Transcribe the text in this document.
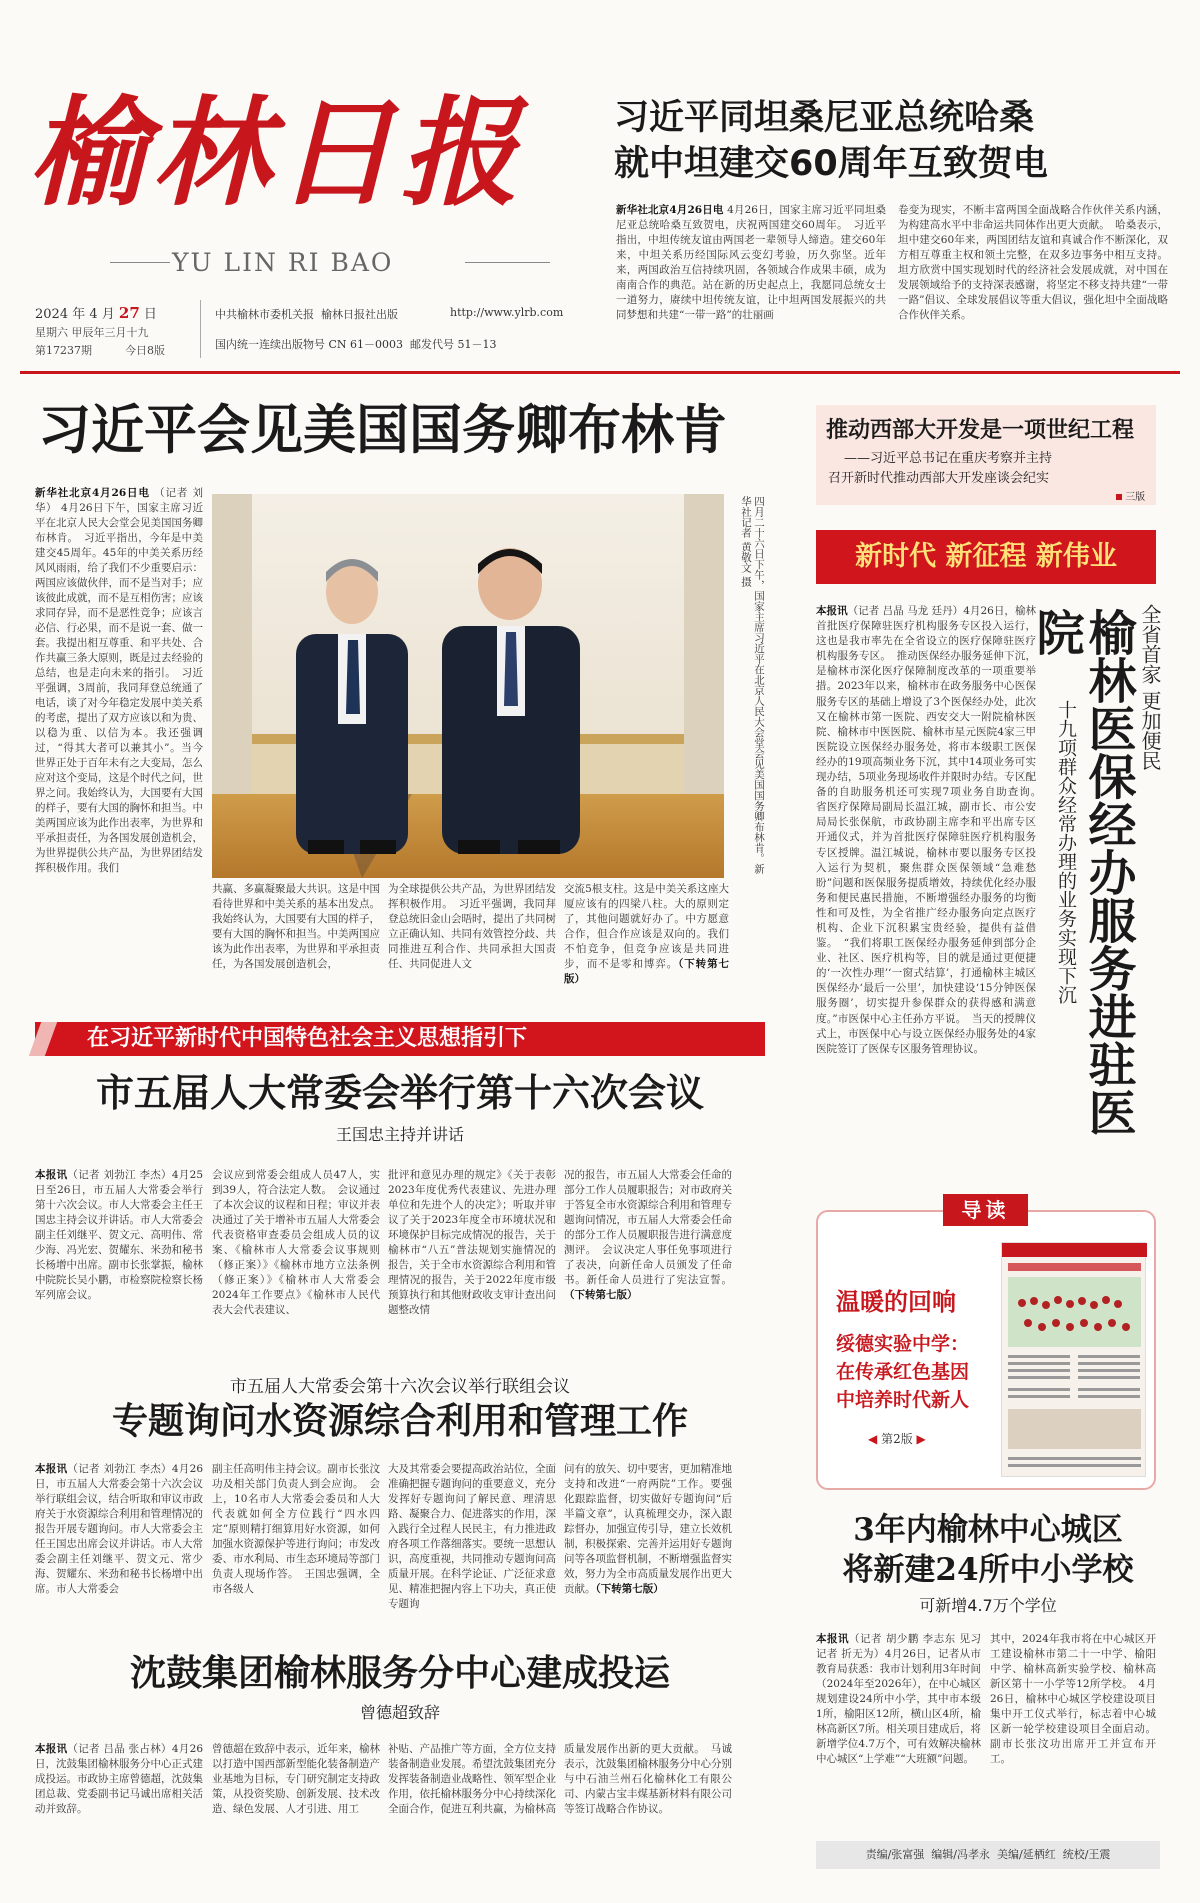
榆林日报
YU LIN RI BAO
2024 年 4 月 27 日
星期六 甲辰年三月十九
第17237期	今日8版
中共榆林市委机关报  榆林日报社出版	http://www.ylrb.com
国内统一连续出版物号 CN 61－0003  邮发代号 51－13
习近平同坦桑尼亚总统哈桑
就中坦建交60周年互致贺电
新华社北京4月26日电 4月26日，国家主席习近平同坦桑尼亚总统哈桑互致贺电，庆祝两国建交60周年。　习近平指出，中坦传统友谊由两国老一辈领导人缔造。建交60年来，中坦关系历经国际风云变幻考验，历久弥坚。近年来，两国政治互信持续巩固，各领域合作成果丰硕，成为南南合作的典范。站在新的历史起点上，我愿同总统女士一道努力，赓续中坦传统友谊，让中坦两国发展振兴的共同梦想和共建“一带一路”的壮丽画
卷变为现实，不断丰富两国全面战略合作伙伴关系内涵，为构建高水平中非命运共同体作出更大贡献。　哈桑表示，坦中建交60年来，两国团结友谊和真诚合作不断深化，双方相互尊重主权和领土完整，在双多边事务中相互支持。坦方欣赏中国实现划时代的经济社会发展成就，对中国在发展领域给予的支持深表感谢，将坚定不移支持共建“一带一路”倡议、全球发展倡议等重大倡议，强化坦中全面战略合作伙伴关系。
习近平会见美国国务卿布林肯
新华社北京4月26日电 （记者 刘华） 4月26日下午，国家主席习近平在北京人民大会堂会见美国国务卿布林肯。　习近平指出，今年是中美建交45周年。45年的中美关系历经风风雨雨，给了我们不少重要启示：两国应该做伙伴，而不是当对手；应该彼此成就，而不是互相伤害；应该求同存异，而不是恶性竞争；应该言必信、行必果，而不是说一套、做一套。我提出相互尊重、和平共处、合作共赢三条大原则，既是过去经验的总结，也是走向未来的指引。　习近平强调，3周前，我同拜登总统通了电话，谈了对今年稳定发展中美关系的考虑，提出了双方应该以和为贵、以稳为重、以信为本。我还强调过，“得其大者可以兼其小”。当今世界正处于百年未有之大变局，怎么应对这个变局，这是个时代之问，世界之问。我始终认为，大国要有大国的样子，要有大国的胸怀和担当。中美两国应该为此作出表率，为世界和平承担责任，为各国发展创造机会，为世界提供公共产品，为世界团结发挥积极作用。我们	四月二十六日下午，国家主席习近平在北京人民大会堂会见美国国务卿布林肯。新华社记者 黄敬文 摄
共赢、多赢凝聚最大共识。这是中国看待世界和中美关系的基本出发点。我始终认为，大国要有大国的样子，要有大国的胸怀和担当。中美两国应该为此作出表率，为世界和平承担责任，为各国发展创造机会，
为全球提供公共产品，为世界团结发挥积极作用。　习近平强调，我同拜登总统旧金山会晤时，提出了共同树立正确认知、共同有效管控分歧、共同推进互利合作、共同承担大国责任、共同促进人文
交流5根支柱。这是中美关系这座大厦应该有的四梁八柱。大的原则定了，其他问题就好办了。中方愿意合作，但合作应该是双向的。我们不怕竞争，但竞争应该是共同进步，而不是零和博弈。（下转第七版）
在习近平新时代中国特色社会主义思想指引下
市五届人大常委会举行第十六次会议
王国忠主持并讲话
本报讯（记者 刘勃江 李杰）4月25日至26日，市五届人大常委会举行第十六次会议。市人大常委会主任王国忠主持会议并讲话。市人大常委会副主任刘继平、贺文元、高明伟、常少海、冯光宏、贺耀东、米劲和秘书长杨增中出席。副市长张掌振，榆林中院院长吴小鹏，市检察院检察长杨军列席会议。
会议应到常委会组成人员47人，实到39人，符合法定人数。　会议通过了本次会议的议程和日程；审议并表决通过了关于增补市五届人大常委会代表资格审查委员会组成人员的议案、《榆林市人大常委会议事规则（修正案）》《榆林市地方立法条例（修正案）》《榆林市人大常委会2024年工作要点》《榆林市人民代表大会代表建议、
批评和意见办理的规定》《关于表彰2023年度优秀代表建议、先进办理单位和先进个人的决定》；听取并审议了关于2023年度全市环境状况和环境保护目标完成情况的报告，关于榆林市“八五”普法规划实施情况的报告，关于全市水资源综合利用和管理情况的报告，关于2022年度市级预算执行和其他财政收支审计查出问题整改情
况的报告，市五届人大常委会任命的部分工作人员履职报告；对市政府关于答复全市水资源综合利用和管理专题询问情况，市五届人大常委会任命的部分工作人员履职报告进行满意度测评。　会议决定人事任免事项进行了表决，向新任命人员颁发了任命书。新任命人员进行了宪法宣誓。（下转第七版）
市五届人大常委会第十六次会议举行联组会议
专题询问水资源综合利用和管理工作
本报讯（记者 刘勃江 李杰）4月26日，市五届人大常委会第十六次会议举行联组会议，结合听取和审议市政府关于水资源综合利用和管理情况的报告开展专题询问。市人大常委会主任王国忠出席会议并讲话。市人大常委会副主任刘继平、贺文元、常少海、贺耀东、米劲和秘书长杨增中出席。市人大常委会
副主任高明伟主持会议。副市长张汶功及相关部门负责人到会应询。　会上，10名市人大常委会委员和人大代表就如何全方位践行“四水四定”原则精打细算用好水资源，如何加强水资源保护等进行询问；市发改委、市水利局、市生态环境局等部门负责人现场作答。　王国忠强调，全市各级人
大及其常委会要提高政治站位，全面准确把握专题询问的重要意义，充分发挥好专题询问了解民意、理清思路、凝聚合力、促进落实的作用，深入践行全过程人民民主，有力推进政府各项工作落细落实。要统一思想认识，高度重视，共同推动专题询问高质量开展。在科学论证、广泛征求意见、精准把握内容上下功夫，真正使专题询
问有的放矢、切中要害，更加精准地支持和改进“一府两院”工作。要强化跟踪监督，切实做好专题询问“后半篇文章”，认真梳理交办，深入跟踪督办，加强宣传引导，建立长效机制，积极探索、完善并运用好专题询问等各项监督机制，不断增强监督实效，努力为全市高质量发展作出更大贡献。（下转第七版）
沈鼓集团榆林服务分中心建成投运
曾德超致辞
本报讯（记者 吕晶 张占林）4月26日，沈鼓集团榆林服务分中心正式建成投运。市政协主席曾德超，沈鼓集团总裁、党委副书记马诚出席相关活动并致辞。
曾德超在致辞中表示，近年来，榆林以打造中国西部新型能化装备制造产业基地为目标，专门研究制定支持政策，从投资奖励、创新发展、技术改造、绿色发展、人才引进、用工
补贴、产品推广等方面，全方位支持装备制造业发展。希望沈鼓集团充分发挥装备制造业战略性、领军型企业作用，依托榆林服务分中心持续深化全面合作，促进互利共赢，为榆林高
质量发展作出新的更大贡献。　马诚表示，沈鼓集团榆林服务分中心分别与中石油兰州石化榆林化工有限公司、内蒙古宝丰煤基新材料有限公司等签订战略合作协议。
推动西部大开发是一项世纪工程
——习近平总书记在重庆考察并主持
召开新时代推动西部大开发座谈会纪实
三版
新时代 新征程 新伟业
本报讯（记者 吕晶 马龙 廷丹）4月26日，榆林首批医疗保障驻医疗机构服务专区投入运行，这也是我市率先在全省设立的医疗保障驻医疗机构服务专区。　推动医保经办服务延伸下沉，是榆林市深化医疗保障制度改革的一项重要举措。2023年以来，榆林市在政务服务中心医保服务专区的基础上增设了3个医保经办处，此次又在榆林市第一医院、西安交大一附院榆林医院、榆林市中医医院、榆林市星元医院4家三甲医院设立医保经办服务处，将市本级职工医保经办的19项高频业务下沉，其中14项业务可实现办结，5项业务现场收件并限时办结。专区配备的自助服务机还可实现7项业务自助查询。　省医疗保障局副局长温江城，副市长、市公安局局长张保航，市政协副主席李和平出席专区开通仪式，并为首批医疗保障驻医疗机构服务专区授牌。温江城说，榆林市要以服务专区投入运行为契机，聚焦群众医保领域“急难愁盼”问题和医保服务提质增效，持续优化经办服务和便民惠民措施，不断增强经办服务的均衡性和可及性，为全省推广经办服务向定点医疗机构、企业下沉积累宝贵经验，提供有益借鉴。　“我们将职工医保经办服务延伸到部分企业、社区、医疗机构等，目的就是通过更便捷的‘一次性办理’‘一窗式结算’，打通榆林主城区医保经办‘最后一公里’，加快建设‘15分钟医保服务圈’，切实提升参保群众的获得感和满意度。”市医保中心主任孙方平说。　当天的授牌仪式上，市医保中心与设立医保经办服务处的4家医院签订了医保专区服务管理协议。	榆林医保经办服务进驻医院	全省首家 更加便民
十九项群众经常办理的业务实现下沉
导读
温暖的回响
绥德实验中学：在传承红色基因中培养时代新人
◀ 第2版 ▶
3年内榆林中心城区
将新建24所中小学校
可新增4.7万个学位
本报讯（记者 胡少鹏 李志东 见习记者 折无为）4月26日，记者从市教育局获悉：我市计划利用3年时间（2024年至2026年），在中心城区规划建设24所中小学，其中市本级1所，榆阳区12所，横山区4所，榆林高新区7所。相关项目建成后，将新增学位4.7万个，可有效解决榆林中心城区“上学难”“大班额”问题。
其中，2024年我市将在中心城区开工建设榆林市第二十一中学、榆阳中学、榆林高新实验学校、榆林高新区第十一小学等12所学校。　4月26日，榆林中心城区学校建设项目集中开工仪式举行，标志着中心城区新一轮学校建设项目全面启动。副市长张汶功出席开工并宣布开工。
责编/张富强  编辑/冯孝永  美编/延栖红  统校/王震
